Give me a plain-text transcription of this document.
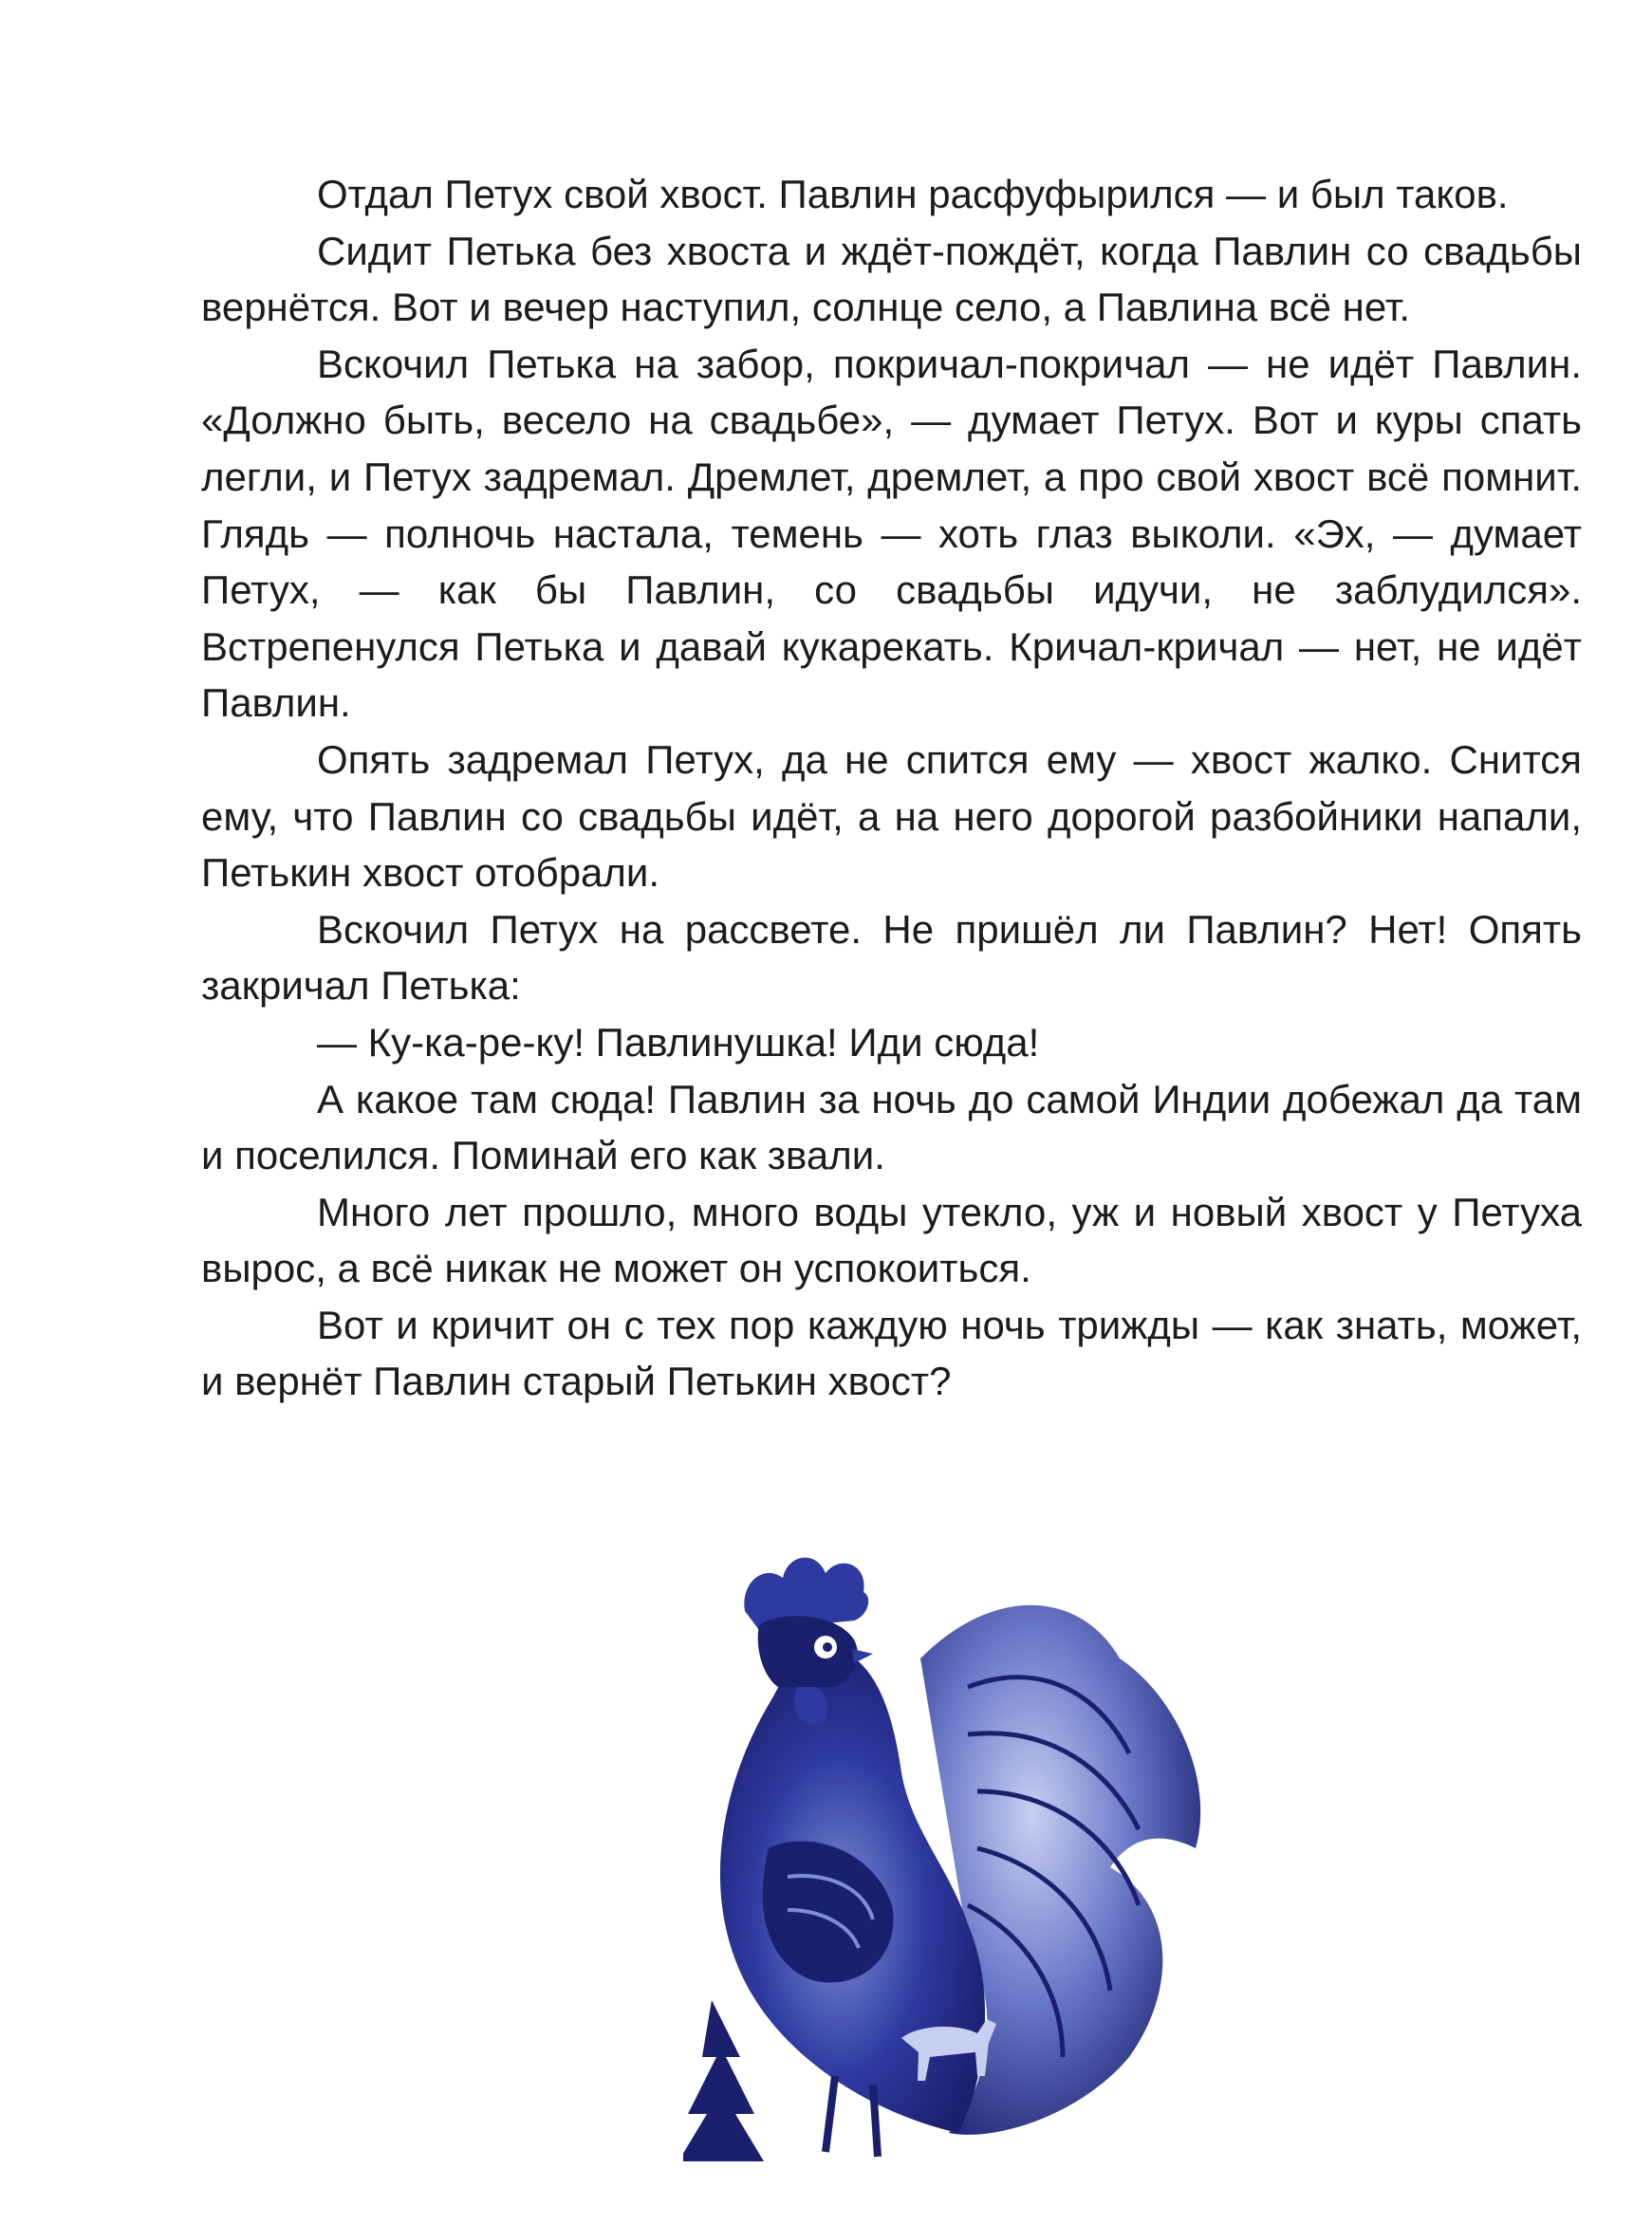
Отдал Петух свой хвост. Павлин расфуфырился — и был таков.

Сидит Петька без хвоста и ждёт-пождёт, когда Павлин со свадьбы вернётся. Вот и вечер наступил, солнце село, а Павлина всё нет.

Вскочил Петька на забор, покричал-покричал — не идёт Павлин. «Должно быть, весело на свадьбе», — думает Петух. Вот и куры спать легли, и Петух задремал. Дремлет, дремлет, а про свой хвост всё помнит. Глядь — полночь настала, темень — хоть глаз выколи. «Эх, — думает Петух, — как бы Павлин, со свадьбы идучи, не заблудился». Встрепенулся Петька и давай кукарекать. Кричал-кричал — нет, не идёт Павлин.

Опять задремал Петух, да не спится ему — хвост жалко. Снится ему, что Павлин со свадьбы идёт, а на него дорогой разбойники напали, Петькин хвост отобрали.

Вскочил Петух на рассвете. Не пришёл ли Павлин? Нет! Опять закричал Петька:

— Ку-ка-ре-ку! Павлинушка! Иди сюда!

А какое там сюда! Павлин за ночь до самой Индии добежал да там и поселился. Поминай его как звали.

Много лет прошло, много воды утекло, уж и новый хвост у Петуха вырос, а всё никак не может он успокоиться.

Вот и кричит он с тех пор каждую ночь трижды — как знать, может, и вернёт Павлин старый Петькин хвост?
